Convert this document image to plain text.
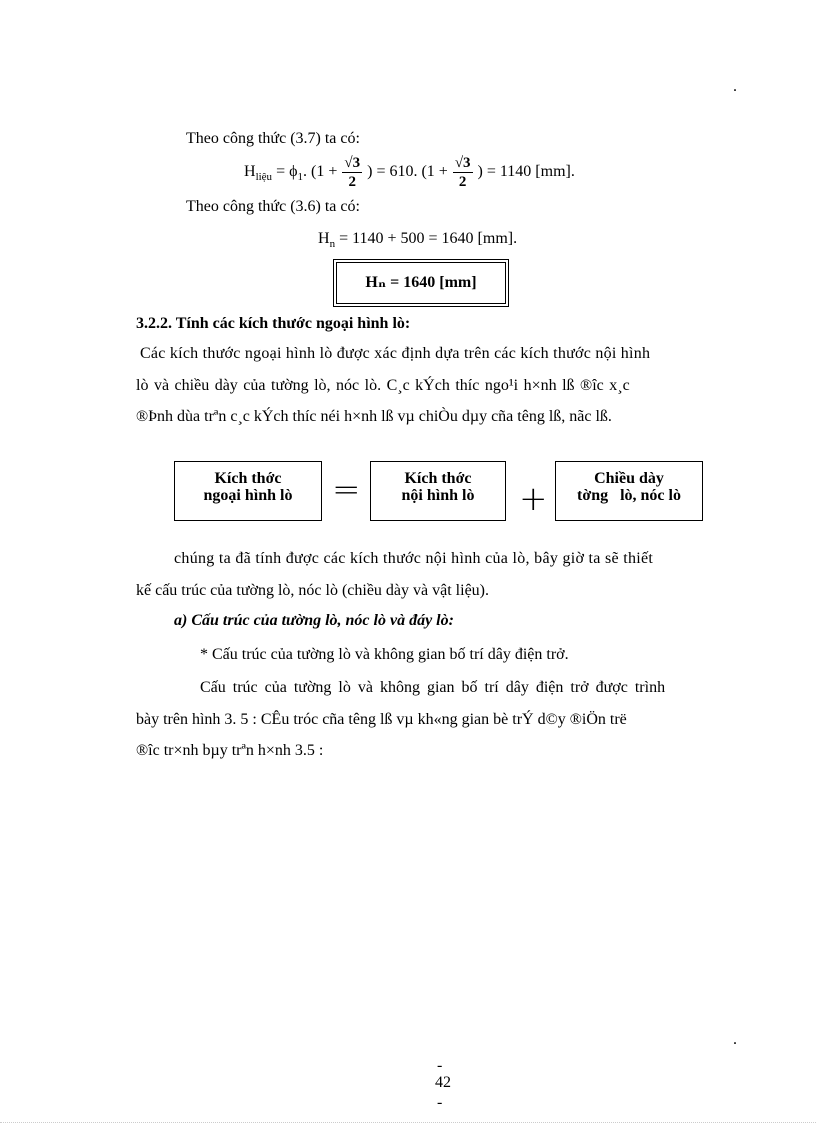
.
Theo công thức (3.7) ta có:
$H_{liệu} = \phi_1$. ($1 + \frac{√3}{2}$ ) = 610. ($1 + \frac{√3}{2}$ ) = 1140 [mm].
Theo công thức (3.6) ta có:
$H_n = 1140 + 500 = 1640$ [mm].
Hₙ = 1640 [mm]
3.2.2. Tính các kích thước ngoại hình lò:
Các kích thước ngoại hình lò được xác định dựa trên các kích thước nội hình
lò và chiều dày của tường lò, nóc lò. C¸c kÝch thíc ngo¹i h×nh lß ®îc x¸c
®Þnh dùa trªn c¸c kÝch thíc néi h×nh lß vµ chiÒu dµy cña têng lß, nãc lß.
Kích thớc
ngoại hình lò	=	Kích thớc
nội hình lò	+
Chiều dày
tờng   lò, nóc lò
chúng ta đã tính được các kích thước nội hình của lò, bây giờ ta sẽ thiết
kế cấu trúc của tường lò, nóc lò (chiều dày và vật liệu).
a) Cấu trúc của tường lò, nóc lò và đáy lò:
* Cấu trúc của tường lò và không gian bố trí dây điện trở.
Cấu trúc của tường lò và không gian bố trí dây điện trở được trình
bày trên hình 3. 5 : CÊu tróc cña têng lß vµ kh«ng gian bè trÝ d©y ®iÖn trë
®îc tr×nh bµy trªn h×nh 3.5 :
.
-
42
-
